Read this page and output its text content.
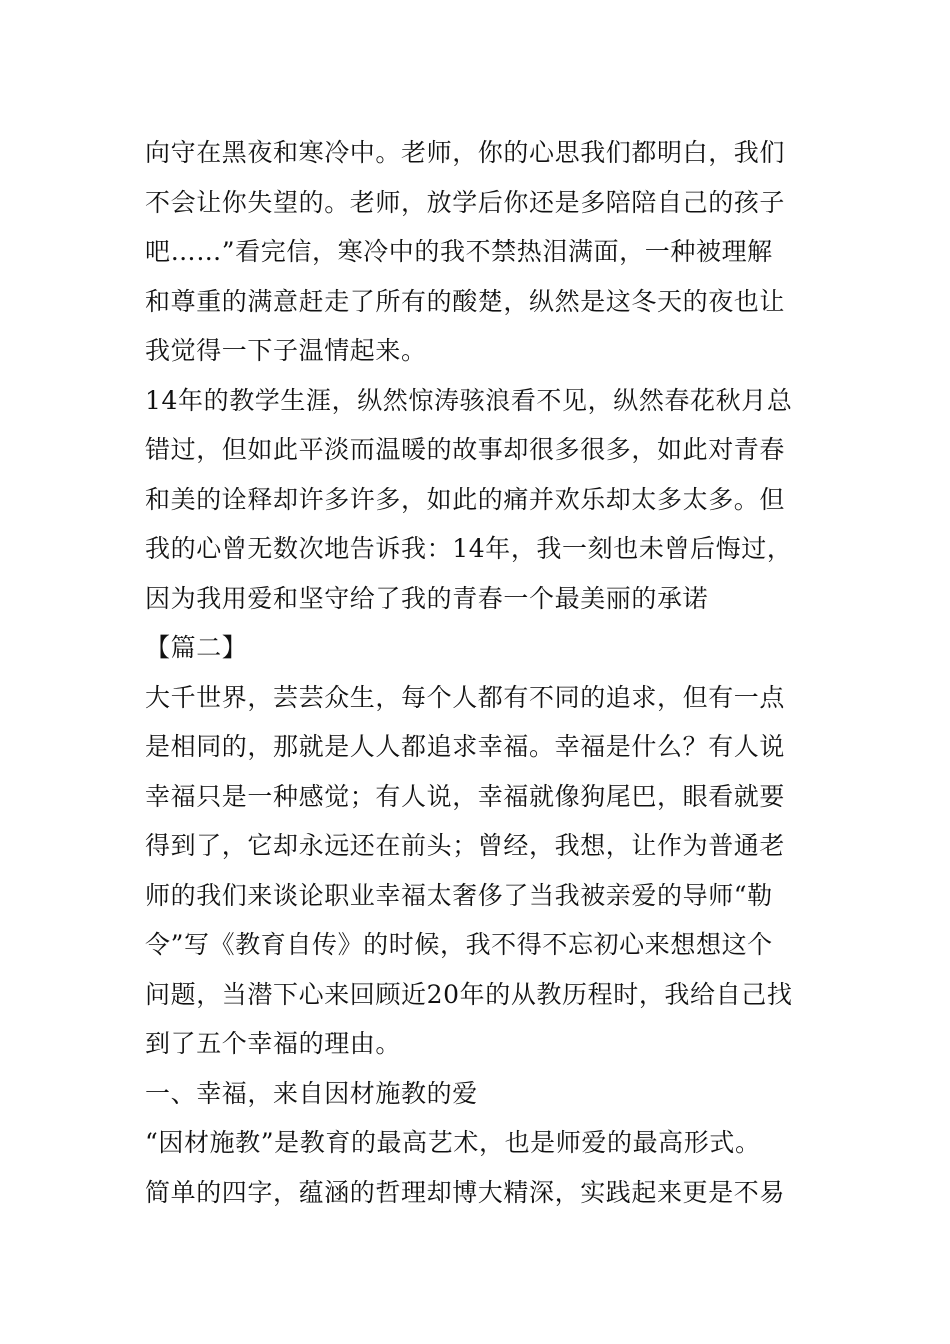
向守在黑夜和寒冷中。老师，你的心思我们都明白，我们
不会让你失望的。老师，放学后你还是多陪陪自己的孩子
吧……”看完信，寒冷中的我不禁热泪满面，一种被理解
和尊重的满意赶走了所有的酸楚，纵然是这冬天的夜也让
我觉得一下子温情起来。
14年的教学生涯，纵然惊涛骇浪看不见，纵然春花秋月总
错过，但如此平淡而温暖的故事却很多很多，如此对青春
和美的诠释却许多许多，如此的痛并欢乐却太多太多。但
我的心曾无数次地告诉我：14年，我一刻也未曾后悔过，
因为我用爱和坚守给了我的青春一个最美丽的承诺
【篇二】
大千世界，芸芸众生，每个人都有不同的追求，但有一点
是相同的，那就是人人都追求幸福。幸福是什么？有人说
幸福只是一种感觉；有人说，幸福就像狗尾巴，眼看就要
得到了，它却永远还在前头；曾经，我想，让作为普通老
师的我们来谈论职业幸福太奢侈了当我被亲爱的导师“勒
令”写《教育自传》的时候，我不得不忘初心来想想这个
问题，当潜下心来回顾近20年的从教历程时，我给自己找
到了五个幸福的理由。
一、幸福，来自因材施教的爱
“因材施教”是教育的最高艺术，也是师爱的最高形式。
简单的四字，蕴涵的哲理却博大精深，实践起来更是不易
